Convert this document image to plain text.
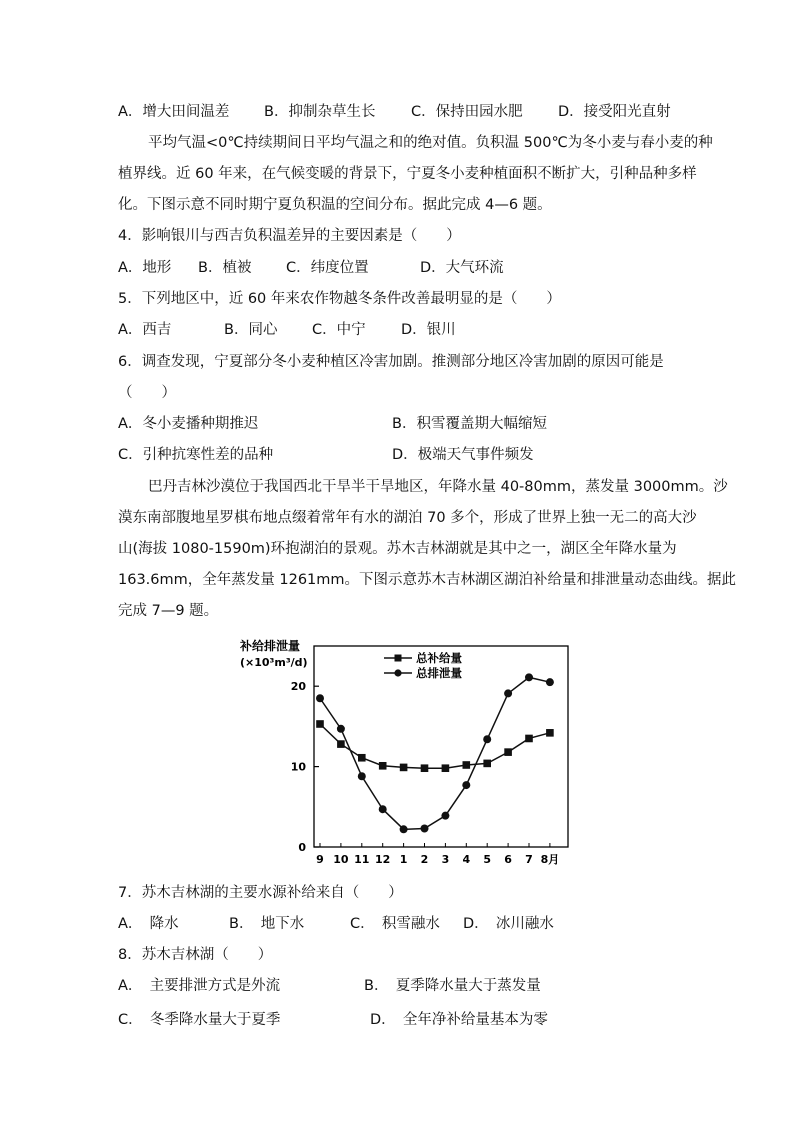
A．增大田间温差 B．抑制杂草生长 C．保持田园水肥 D．接受阳光直射
平均气温<0℃持续期间日平均气温之和的绝对值。负积温 500℃为冬小麦与春小麦的种
植界线。近 60 年来，在气候变暖的背景下，宁夏冬小麦种植面积不断扩大，引种品种多样
化。下图示意不同时期宁夏负积温的空间分布。据此完成 4—6 题。
4．影响银川与西吉负积温差异的主要因素是（　　）
A．地形 B．植被 C．纬度位置	D．大气环流
5．下列地区中，近 60 年来农作物越冬条件改善最明显的是（　　）
A．西吉	B．同心 C．中宁 D．银川
6．调查发现，宁夏部分冬小麦种植区冷害加剧。推测部分地区冷害加剧的原因可能是
（　　）
A．冬小麦播种期推迟	B．积雪覆盖期大幅缩短
C．引种抗寒性差的品种	D．极端天气事件频发
巴丹吉林沙漠位于我国西北干旱半干旱地区，年降水量 40-80mm，蒸发量 3000mm。沙
漠东南部腹地星罗棋布地点缀着常年有水的湖泊 70 多个，形成了世界上独一无二的高大沙
山(海拔 1080-1590m)环抱湖泊的景观。苏木吉林湖就是其中之一，湖区全年降水量为
163.6mm，全年蒸发量 1261mm。下图示意苏木吉林湖区湖泊补给量和排泄量动态曲线。据此
完成 7—9 题。
补给排泄量
(×10³m³/d)	总补给量
总排泄量
0
10
20
9 10 11 12 1 2 3 4 5 6 7 8月
7．苏木吉林湖的主要水源补给来自（　　）
A．　降水	B．　地下水	C．　积雪融水 D．　冰川融水
8．苏木吉林湖（　　）
A．　主要排泄方式是外流	B．　夏季降水量大于蒸发量
C．　冬季降水量大于夏季	D．　全年净补给量基本为零
